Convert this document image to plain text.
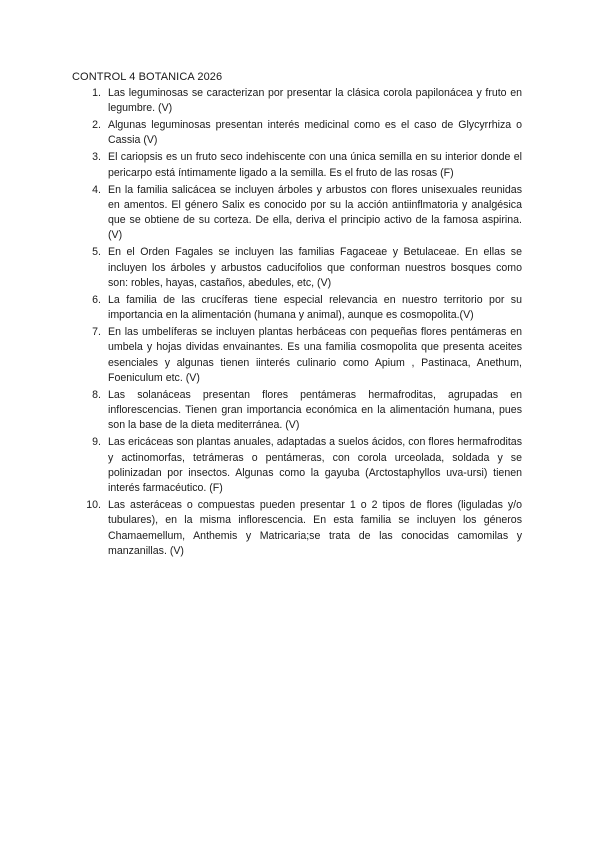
CONTROL 4 BOTANICA 2026
1. Las leguminosas se caracterizan por presentar la clásica corola papilonácea y fruto en legumbre. (V)
2. Algunas leguminosas presentan interés medicinal como es el caso de Glycyrrhiza o Cassia (V)
3. El cariopsis es un fruto seco indehiscente con una única semilla en su interior donde el pericarpo está íntimamente ligado a la semilla. Es el fruto de las rosas (F)
4. En la familia salicácea se incluyen árboles y arbustos con flores unisexuales reunidas en amentos. El género Salix es conocido por su la acción antiinflmatoria y analgésica que se obtiene de su corteza. De ella, deriva el principio activo de la famosa aspirina. (V)
5. En el Orden Fagales se incluyen las familias Fagaceae y Betulaceae. En ellas se incluyen los árboles y arbustos caducifolios que conforman nuestros bosques como son: robles, hayas, castaños, abedules, etc, (V)
6. La familia de las crucíferas tiene especial relevancia en nuestro territorio por su importancia en la alimentación (humana y animal), aunque es cosmopolita.(V)
7. En las umbelíferas se incluyen plantas herbáceas con pequeñas flores pentámeras en umbela y hojas dividas envainantes. Es una familia cosmopolita que presenta aceites esenciales y algunas tienen iinterés culinario como Apium , Pastinaca, Anethum, Foeniculum etc. (V)
8. Las solanáceas presentan flores pentámeras hermafroditas, agrupadas en inflorescencias. Tienen gran importancia económica en la alimentación humana, pues son la base de la dieta mediterránea. (V)
9. Las ericáceas son plantas anuales, adaptadas a suelos ácidos, con flores hermafroditas y actinomorfas, tetrámeras o pentámeras, con corola urceolada, soldada y se polinizadan por insectos. Algunas como la gayuba (Arctostaphyllos uva-ursi) tienen interés farmacéutico. (F)
10. Las asteráceas o compuestas pueden presentar 1 o 2 tipos de flores (liguladas y/o tubulares), en la misma inflorescencia. En esta familia se incluyen los géneros Chamaemellum, Anthemis y Matricaria;se trata de las conocidas camomilas y manzanillas. (V)
